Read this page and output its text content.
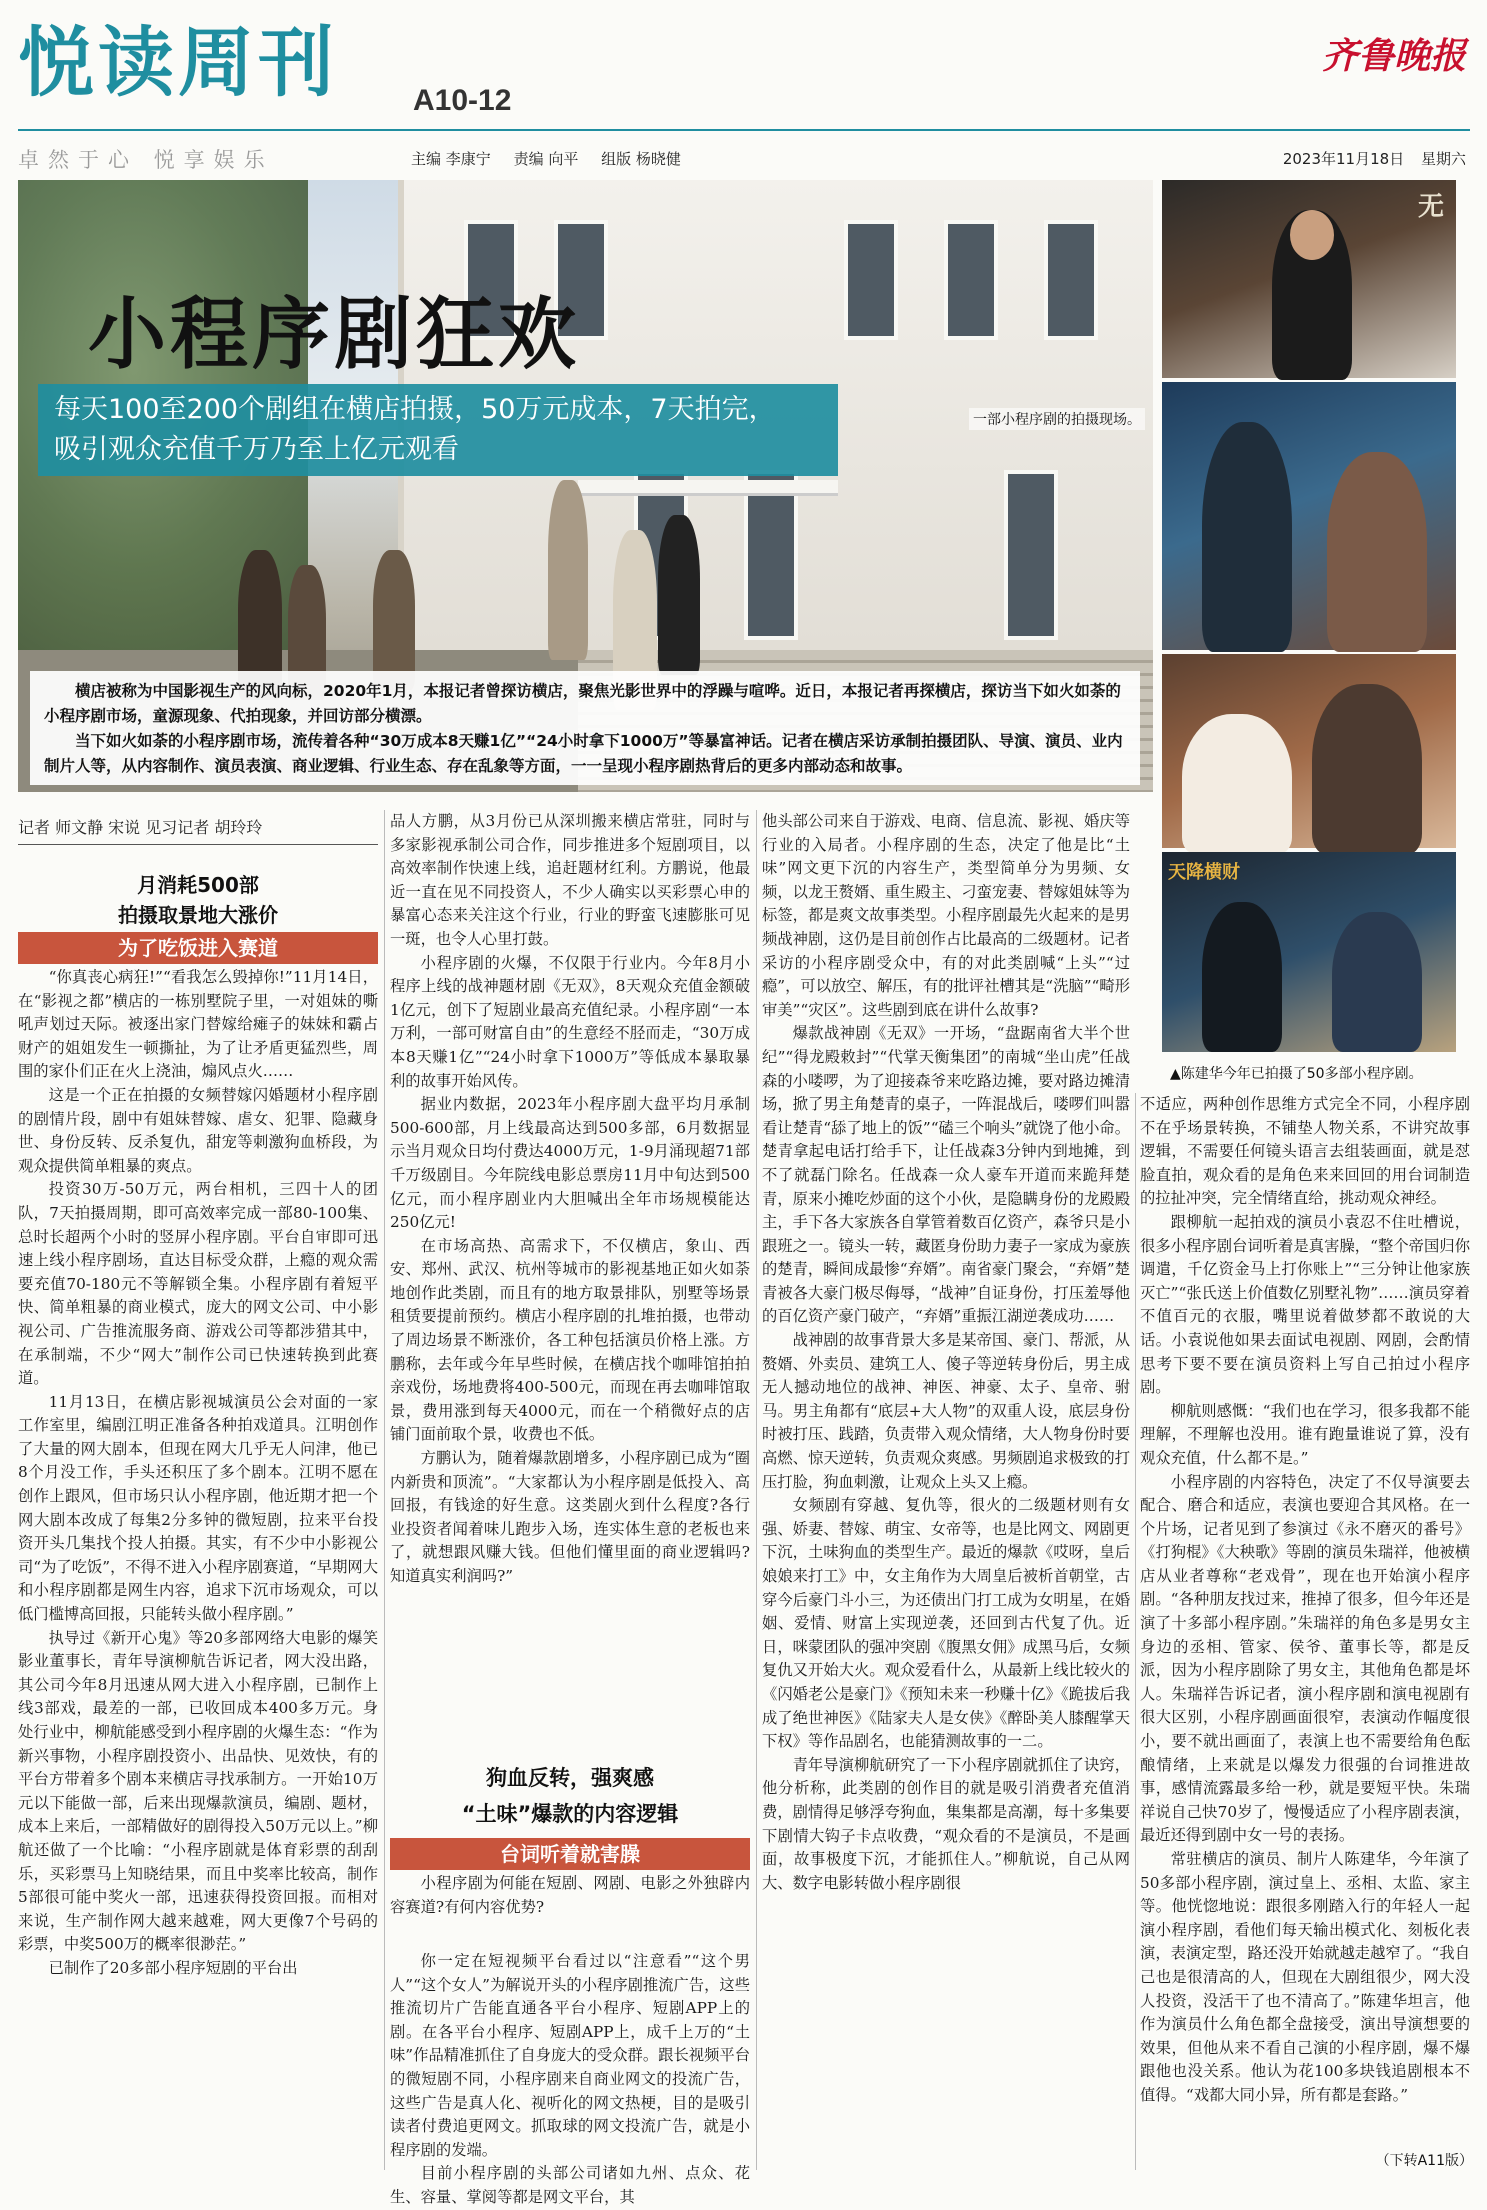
悦读周刊	A10-12
齐鲁晚报
卓然于心 悦享娱乐	主编 李康宁 责编 向平 组版 杨晓健	2023年11月18日 星期六
一部小程序剧的拍摄现场。
每天100至200个剧组在横店拍摄，50万元成本，7天拍完，
吸引观众充值千万乃至上亿元观看
小程序剧狂欢

横店被称为中国影视生产的风向标，2020年1月，本报记者曾探访横店，聚焦光影世界中的浮躁与喧哗。近日，本报记者再探横店，探访当下如火如荼的小程序剧市场，童源现象、代拍现象，并回访部分横漂。

当下如火如荼的小程序剧市场，流传着各种“30万成本8天赚1亿”“24小时拿下1000万”等暴富神话。记者在横店采访承制拍摄团队、导演、演员、业内制片人等，从内容制作、演员表演、商业逻辑、行业生态、存在乱象等方面，一一呈现小程序剧热背后的更多内部动态和故事。

无
天降横财
▲陈建华今年已拍摄了50多部小程序剧。
记者 师文静 宋说 见习记者 胡玲玲
月消耗500部
拍摄取景地大涨价
为了吃饭进入赛道

“你真丧心病狂!”“看我怎么毁掉你!”11月14日，在“影视之都”横店的一栋别墅院子里，一对姐妹的嘶吼声划过天际。被逐出家门替嫁给瘫子的妹妹和霸占财产的姐姐发生一顿撕扯，为了让矛盾更猛烈些，周围的家仆们正在火上浇油，煽风点火……

这是一个正在拍摄的女频替嫁闪婚题材小程序剧的剧情片段，剧中有姐妹替嫁、虐女、犯罪、隐藏身世、身份反转、反杀复仇，甜宠等刺激狗血桥段，为观众提供简单粗暴的爽点。

投资30万-50万元，两台相机，三四十人的团队，7天拍摄周期，即可高效率完成一部80-100集、总时长超两个小时的竖屏小程序剧。平台自审即可迅速上线小程序剧场，直达目标受众群，上瘾的观众需要充值70-180元不等解锁全集。小程序剧有着短平快、简单粗暴的商业模式，庞大的网文公司、中小影视公司、广告推流服务商、游戏公司等都涉猎其中，在承制端，不少“网大”制作公司已快速转换到此赛道。

11月13日，在横店影视城演员公会对面的一家工作室里，编剧江明正准备各种拍戏道具。江明创作了大量的网大剧本，但现在网大几乎无人问津，他已8个月没工作，手头还积压了多个剧本。江明不愿在创作上跟风，但市场只认小程序剧，他近期才把一个网大剧本改成了每集2分多钟的微短剧，拉来平台投资开头几集找个投人拍摄。其实，有不少中小影视公司“为了吃饭”，不得不进入小程序剧赛道，“早期网大和小程序剧都是网生内容，追求下沉市场观众，可以低门槛博高回报，只能转头做小程序剧。”

执导过《新开心鬼》等20多部网络大电影的爆笑影业董事长，青年导演柳航告诉记者，网大没出路，其公司今年8月迅速从网大进入小程序剧，已制作上线3部戏，最差的一部，已收回成本400多万元。身处行业中，柳航能感受到小程序剧的火爆生态：“作为新兴事物，小程序剧投资小、出品快、见效快，有的平台方带着多个剧本来横店寻找承制方。一开始10万元以下能做一部，后来出现爆款演员，编剧、题材，成本上来后，一部精做好的剧得投入50万元以上。”柳航还做了一个比喻：“小程序剧就是体育彩票的刮刮乐，买彩票马上知晓结果，而且中奖率比较高，制作5部很可能中奖火一部，迅速获得投资回报。而相对来说，生产制作网大越来越难，网大更像7个号码的彩票，中奖500万的概率很渺茫。”

已制作了20多部小程序短剧的平台出

品人方鹏，从3月份已从深圳搬来横店常驻，同时与多家影视承制公司合作，同步推进多个短剧项目，以高效率制作快速上线，追赶题材红利。方鹏说，他最近一直在见不同投资人，不少人确实以买彩票心申的暴富心态来关注这个行业，行业的野蛮飞速膨胀可见一斑，也令人心里打鼓。

小程序剧的火爆，不仅限于行业内。今年8月小程序上线的战神题材剧《无双》，8天观众充值金额破1亿元，创下了短剧业最高充值纪录。小程序剧“一本万利，一部可财富自由”的生意经不胫而走，“30万成本8天赚1亿”“24小时拿下1000万”等低成本暴取暴利的故事开始风传。

据业内数据，2023年小程序剧大盘平均月承制500-600部，月上线最高达到500多部，6月数据显示当月观众日均付费达4000万元，1-9月涌现超71部千万级剧目。今年院线电影总票房11月中旬达到500亿元，而小程序剧业内大胆喊出全年市场规模能达250亿元!

在市场高热、高需求下，不仅横店，象山、西安、郑州、武汉、杭州等城市的影视基地正如火如荼地创作此类剧，而且有的地方取景排队，别墅等场景租赁要提前预约。横店小程序剧的扎堆拍摄，也带动了周边场景不断涨价，各工种包括演员价格上涨。方鹏称，去年或今年早些时候，在横店找个咖啡馆拍拍亲戏份，场地费将400-500元，而现在再去咖啡馆取景，费用涨到每天4000元，而在一个稍微好点的店铺门面前取个景，收费也不低。

方鹏认为，随着爆款剧增多，小程序剧已成为“圈内新贵和顶流”。“大家都认为小程序剧是低投入、高回报，有钱途的好生意。这类剧火到什么程度?各行业投资者闻着味儿跑步入场，连实体生意的老板也来了，就想跟风赚大钱。但他们懂里面的商业逻辑吗?知道真实利润吗?”

狗血反转，强爽感
“土味”爆款的内容逻辑
台词听着就害臊

小程序剧为何能在短剧、网剧、电影之外独辟内容赛道?有何内容优势?

你一定在短视频平台看过以“注意看”“这个男人”“这个女人”为解说开头的小程序剧推流广告，这些推流切片广告能直通各平台小程序、短剧APP上的剧。在各平台小程序、短剧APP上，成千上万的“土味”作品精准抓住了自身庞大的受众群。跟长视频平台的微短剧不同，小程序剧来自商业网文的投流广告，这些广告是真人化、视听化的网文热梗，目的是吸引读者付费追更网文。抓取球的网文投流广告，就是小程序剧的发端。

目前小程序剧的头部公司诸如九州、点众、花生、容量、掌阅等都是网文平台，其

他头部公司来自于游戏、电商、信息流、影视、婚庆等行业的入局者。小程序剧的生态，决定了他是比“土味”网文更下沉的内容生产，类型简单分为男频、女频，以龙王赘婿、重生殿主、刁蛮宠妻、替嫁姐妹等为标签，都是爽文故事类型。小程序剧最先火起来的是男频战神剧，这仍是目前创作占比最高的二级题材。记者采访的小程序剧受众中，有的对此类剧喊“上头”“过瘾”，可以放空、解压，有的批评社槽其是“洗脑”“畸形审美”“灾区”。这些剧到底在讲什么故事?

爆款战神剧《无双》一开场，“盘踞南省大半个世纪”“得龙殿敕封”“代掌天衡集团”的南城“坐山虎”任战森的小喽啰，为了迎接森爷来吃路边摊，要对路边摊清场，掀了男主角楚青的桌子，一阵混战后，喽啰们叫嚣看让楚青“舔了地上的饭”“磕三个响头”就饶了他小命。楚青拿起电话打给手下，让任战森3分钟内到地摊，到不了就磊门除名。任战森一众人豪车开道而来跪拜楚青，原来小摊吃炒面的这个小伙，是隐瞒身份的龙殿殿主，手下各大家族各自掌管着数百亿资产，森爷只是小跟班之一。镜头一转，藏匿身份助力妻子一家成为豪族的楚青，瞬间成最惨“弃婿”。南省豪门聚会，“弃婿”楚青被各大豪门极尽侮辱，“战神”自证身份，打压羞辱他的百亿资产豪门破产，“弃婿”重振江湖逆袭成功……

战神剧的故事背景大多是某帝国、豪门、帮派，从赘婿、外卖员、建筑工人、傻子等逆转身份后，男主成无人撼动地位的战神、神医、神豪、太子、皇帝、驸马。男主角都有“底层+大人物”的双重人设，底层身份时被打压、践踏，负责带入观众情绪，大人物身份时要高燃、惊天逆转，负责观众爽感。男频剧追求极致的打压打脸，狗血刺激，让观众上头又上瘾。

女频剧有穿越、复仇等，很火的二级题材则有女强、娇妻、替嫁、萌宝、女帝等，也是比网文、网剧更下沉，土味狗血的类型生产。最近的爆款《哎呀，皇后娘娘来打工》中，女主角作为大周皇后被析首朝堂，古穿今后豪门斗小三，为还债出门打工成为女明星，在婚姻、爱情、财富上实现逆袭，还回到古代复了仇。近日，咪蒙团队的强冲突剧《腹黑女佣》成黑马后，女频复仇又开始大火。观众爱看什么，从最新上线比较火的《闪婚老公是豪门》《预知未来一秒赚十亿》《跪拔后我成了绝世神医》《陆家夫人是女侠》《醉卧美人膝醒掌天下权》等作品剧名，也能猜测故事的一二。

青年导演柳航研究了一下小程序剧就抓住了诀窍，他分析称，此类剧的创作目的就是吸引消费者充值消费，剧情得足够浮夸狗血，集集都是高潮，每十多集要下剧情大钩子卡点收费，“观众看的不是演员，不是画面，故事极度下沉，才能抓住人。”柳航说，自己从网大、数字电影转做小程序剧很

不适应，两种创作思维方式完全不同，小程序剧不在乎场景转换，不铺垫人物关系，不讲究故事逻辑，不需要任何镜头语言去组装画面，就是怼脸直拍，观众看的是角色来来回回的用台词制造的拉扯冲突，完全情绪直给，挑动观众神经。

跟柳航一起拍戏的演员小袁忍不住吐槽说，很多小程序剧台词听着是真害臊，“整个帝国归你调遣，千亿资金马上打你账上”“三分钟让他家族灭亡”“张氏送上价值数亿别墅礼物”……演员穿着不值百元的衣服，嘴里说着做梦都不敢说的大话。小袁说他如果去面试电视剧、网剧，会酌情思考下要不要在演员资料上写自己拍过小程序剧。

柳航则感慨：“我们也在学习，很多我都不能理解，不理解也没用。谁有跑量谁说了算，没有观众充值，什么都不是。”

小程序剧的内容特色，决定了不仅导演要去配合、磨合和适应，表演也要迎合其风格。在一个片场，记者见到了参演过《永不磨灭的番号》《打狗棍》《大秧歌》等剧的演员朱瑞祥，他被横店从业者尊称“老戏骨”，现在也开始演小程序剧。“各种朋友找过来，推掉了很多，但今年还是演了十多部小程序剧。”朱瑞祥的角色多是男女主身边的丞相、管家、侯爷、董事长等，都是反派，因为小程序剧除了男女主，其他角色都是坏人。朱瑞祥告诉记者，演小程序剧和演电视剧有很大区别，小程序剧画面很窄，表演动作幅度很小，要不就出画面了，表演上也不需要给角色酝酿情绪，上来就是以爆发力很强的台词推进故事，感情流露最多给一秒，就是要短平快。朱瑞祥说自己快70岁了，慢慢适应了小程序剧表演，最近还得到剧中女一号的表扬。

常驻横店的演员、制片人陈建华，今年演了50多部小程序剧，演过皇上、丞相、太监、家主等。他恍惚地说：跟很多刚踏入行的年轻人一起演小程序剧，看他们每天输出模式化、刻板化表演，表演定型，路还没开始就越走越窄了。“我自己也是很清高的人，但现在大剧组很少，网大没人投资，没活干了也不清高了。”陈建华坦言，他作为演员什么角色都全盘接受，演出导演想要的效果，但他从来不看自己演的小程序剧，爆不爆跟他也没关系。他认为花100多块钱追剧根本不值得。“戏都大同小异，所有都是套路。”

（下转A11版）
